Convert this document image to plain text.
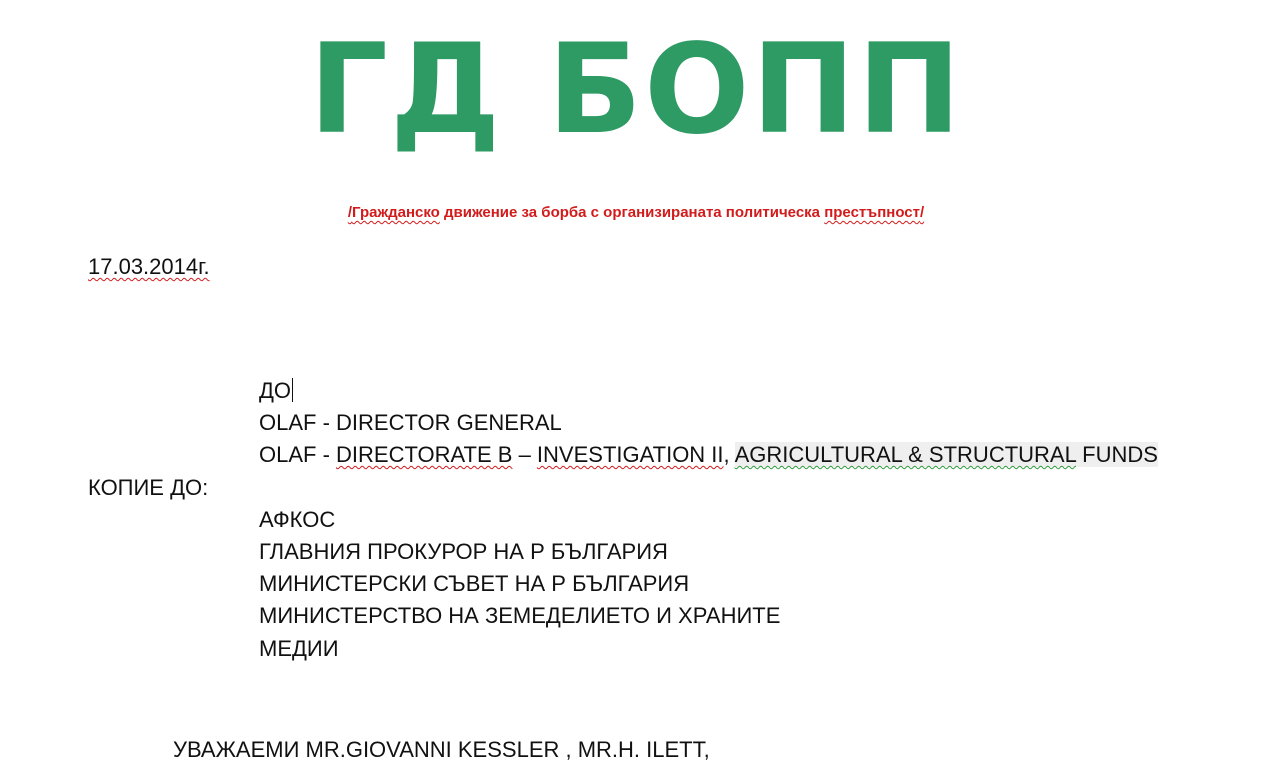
ГД БОПП
/Гражданско движение за борба с организираната политическа престъпност/
17.03.2014г.
ДО
OLAF - DIRECTOR GENERAL
OLAF - DIRECTORATE B – INVESTIGATION II, AGRICULTURAL & STRUCTURAL FUNDS
КОПИЕ ДО:
АФКОС
ГЛАВНИЯ ПРОКУРОР НА Р БЪЛГАРИЯ
МИНИСТЕРСКИ СЪВЕТ НА Р БЪЛГАРИЯ
МИНИСТЕРСТВО НА ЗЕМЕДЕЛИЕТО И ХРАНИТЕ
МЕДИИ
УВАЖАЕМИ MR.GIOVANNI KESSLER , MR.H. ILETT,
